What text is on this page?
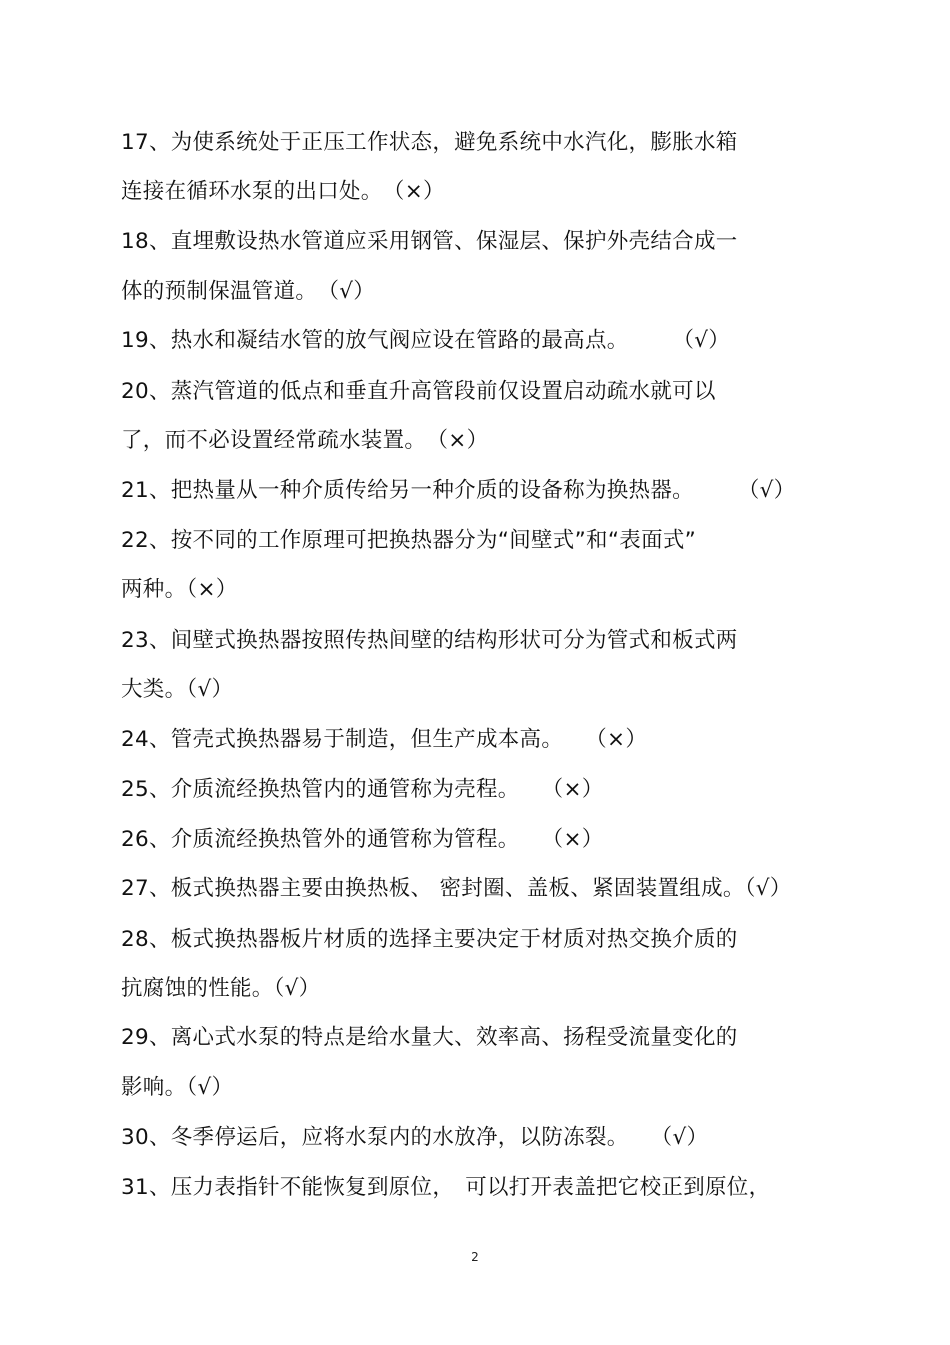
17、为使系统处于正压工作状态，避免系统中水汽化，膨胀水箱
连接在循环水泵的出口处。　（×）
18、直埋敷设热水管道应采用钢管、保湿层、保护外壳结合成一
体的预制保温管道。　（√）
19、热水和凝结水管的放气阀应设在管路的最高点。　　　（√）
20、蒸汽管道的低点和垂直升高管段前仅设置启动疏水就可以
了，而不必设置经常疏水装置。　（×）
21、把热量从一种介质传给另一种介质的设备称为换热器。　　　（√）
22、按不同的工作原理可把换热器分为“间壁式”和“表面式”
两种。（×）
23、间壁式换热器按照传热间壁的结构形状可分为管式和板式两
大类。（√）
24、管壳式换热器易于制造，但生产成本高。　　（×）
25、介质流经换热管内的通管称为壳程。　　（×）
26、介质流经换热管外的通管称为管程。　　（×）
27、板式换热器主要由换热板、 密封圈、盖板、紧固装置组成。（√）
28、板式换热器板片材质的选择主要决定于材质对热交换介质的
抗腐蚀的性能。（√）
29、离心式水泵的特点是给水量大、效率高、扬程受流量变化的
影响。（√）
30、冬季停运后，应将水泵内的水放净，以防冻裂。　　（√）
31、压力表指针不能恢复到原位，　可以打开表盖把它校正到原位，
2
